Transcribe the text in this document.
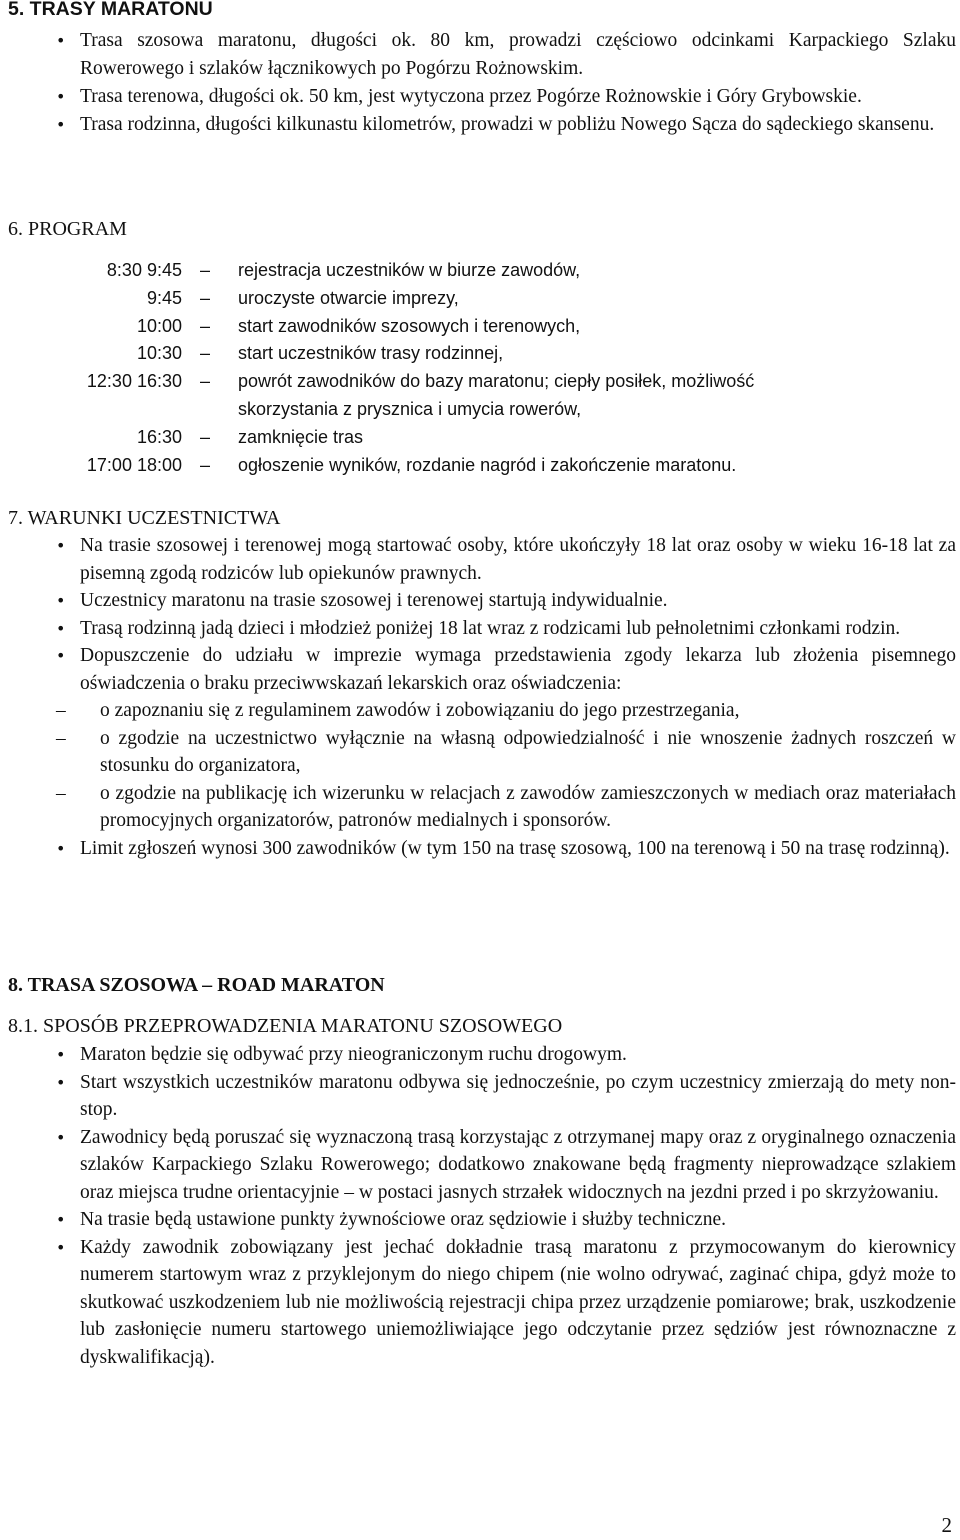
5. TRASY MARATONU
• Trasa szosowa maratonu, długości ok. 80 km, prowadzi częściowo odcinkami Karpackiego Szlaku Rowerowego i szlaków łącznikowych po Pogórzu Rożnowskim.
• Trasa terenowa, długości ok. 50 km, jest wytyczona przez Pogórze Rożnowskie i Góry Grybowskie.
• Trasa rodzinna, długości kilkunastu kilometrów, prowadzi w pobliżu Nowego Sącza do sądeckiego skansenu.
6. PROGRAM
8:30 9:45	–	rejestracja uczestników w biurze zawodów,
9:45	–	uroczyste otwarcie imprezy,
10:00	–	start zawodników szosowych i terenowych,
10:30	–	start uczestników trasy rodzinnej,
12:30 16:30	–	powrót zawodników do bazy maratonu; ciepły posiłek, możliwość skorzystania z prysznica i umycia rowerów,
16:30	–	zamknięcie tras
17:00 18:00	–	ogłoszenie wyników, rozdanie nagród i zakończenie maratonu.
7. WARUNKI UCZESTNICTWA
• Na trasie szosowej i terenowej mogą startować osoby, które ukończyły 18 lat oraz osoby w wieku 16-18 lat za pisemną zgodą rodziców lub opiekunów prawnych.
• Uczestnicy maratonu na trasie szosowej i terenowej startują indywidualnie.
• Trasą rodzinną jadą dzieci i młodzież poniżej 18 lat wraz z rodzicami lub pełnoletnimi członkami rodzin.
• Dopuszczenie do udziału w imprezie wymaga przedstawienia zgody lekarza lub złożenia pisemnego oświadczenia o braku przeciwwskazań lekarskich oraz oświadczenia:
– o zapoznaniu się z regulaminem zawodów i zobowiązaniu do jego przestrzegania,
– o zgodzie na uczestnictwo wyłącznie na własną odpowiedzialność i nie wnoszenie żadnych roszczeń w stosunku do organizatora,
– o zgodzie na publikację ich wizerunku w relacjach z zawodów zamieszczonych w mediach oraz materiałach promocyjnych organizatorów, patronów medialnych i sponsorów.
• Limit zgłoszeń wynosi 300 zawodników (w tym 150 na trasę szosową, 100 na terenową i 50 na trasę rodzinną).
8. TRASA SZOSOWA – ROAD MARATON
8.1. SPOSÓB PRZEPROWADZENIA MARATONU SZOSOWEGO
• Maraton będzie się odbywać przy nieograniczonym ruchu drogowym.
• Start wszystkich uczestników maratonu odbywa się jednocześnie, po czym uczestnicy zmierzają do mety non-stop.
• Zawodnicy będą poruszać się wyznaczoną trasą korzystając z otrzymanej mapy oraz z oryginalnego oznaczenia szlaków Karpackiego Szlaku Rowerowego; dodatkowo znakowane będą fragmenty nieprowadzące szlakiem oraz miejsca trudne orientacyjnie – w postaci jasnych strzałek widocznych na jezdni przed i po skrzyżowaniu.
• Na trasie będą ustawione punkty żywnościowe oraz sędziowie i służby techniczne.
• Każdy zawodnik zobowiązany jest jechać dokładnie trasą maratonu z przymocowanym do kierownicy numerem startowym wraz z przyklejonym do niego chipem (nie wolno odrywać, zaginać chipa, gdyż może to skutkować uszkodzeniem lub nie możliwością rejestracji chipa przez urządzenie pomiarowe; brak, uszkodzenie lub zasłonięcie numeru startowego uniemożliwiające jego odczytanie przez sędziów jest równoznaczne z dyskwalifikacją).
2
